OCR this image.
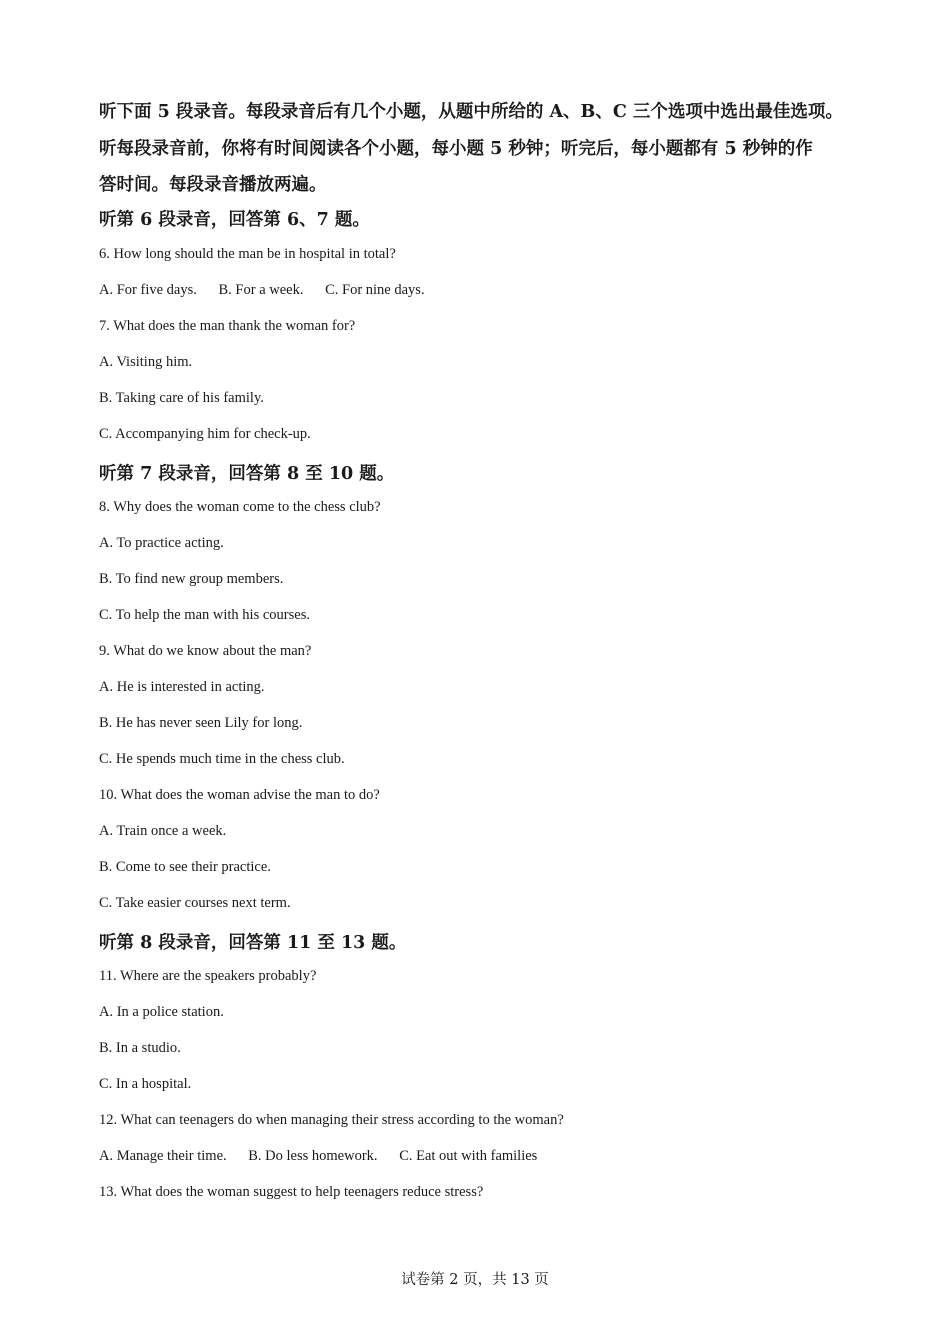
听下面 5 段录音。每段录音后有几个小题，从题中所给的 A、B、C 三个选项中选出最佳选项。

听每段录音前，你将有时间阅读各个小题，每小题 5 秒钟；听完后，每小题都有 5 秒钟的作

答时间。每段录音播放两遍。

听第 6 段录音，回答第 6、7 题。
6. How long should the man be in hospital in total?
A. For five days. B. For a week. C. For nine days.
7. What does the man thank the woman for?
A. Visiting him.
B. Taking care of his family.
C. Accompanying him for check-up.
听第 7 段录音，回答第 8 至 10 题。
8. Why does the woman come to the chess club?
A. To practice acting.
B. To find new group members.
C. To help the man with his courses.
9. What do we know about the man?
A. He is interested in acting.
B. He has never seen Lily for long.
C. He spends much time in the chess club.
10. What does the woman advise the man to do?
A. Train once a week.
B. Come to see their practice.
C. Take easier courses next term.
听第 8 段录音，回答第 11 至 13 题。
11. Where are the speakers probably?
A. In a police station.
B. In a studio.
C. In a hospital.
12. What can teenagers do when managing their stress according to the woman?
A. Manage their time. B. Do less homework. C. Eat out with families
13. What does the woman suggest to help teenagers reduce stress?
试卷第 2 页，共 13 页
